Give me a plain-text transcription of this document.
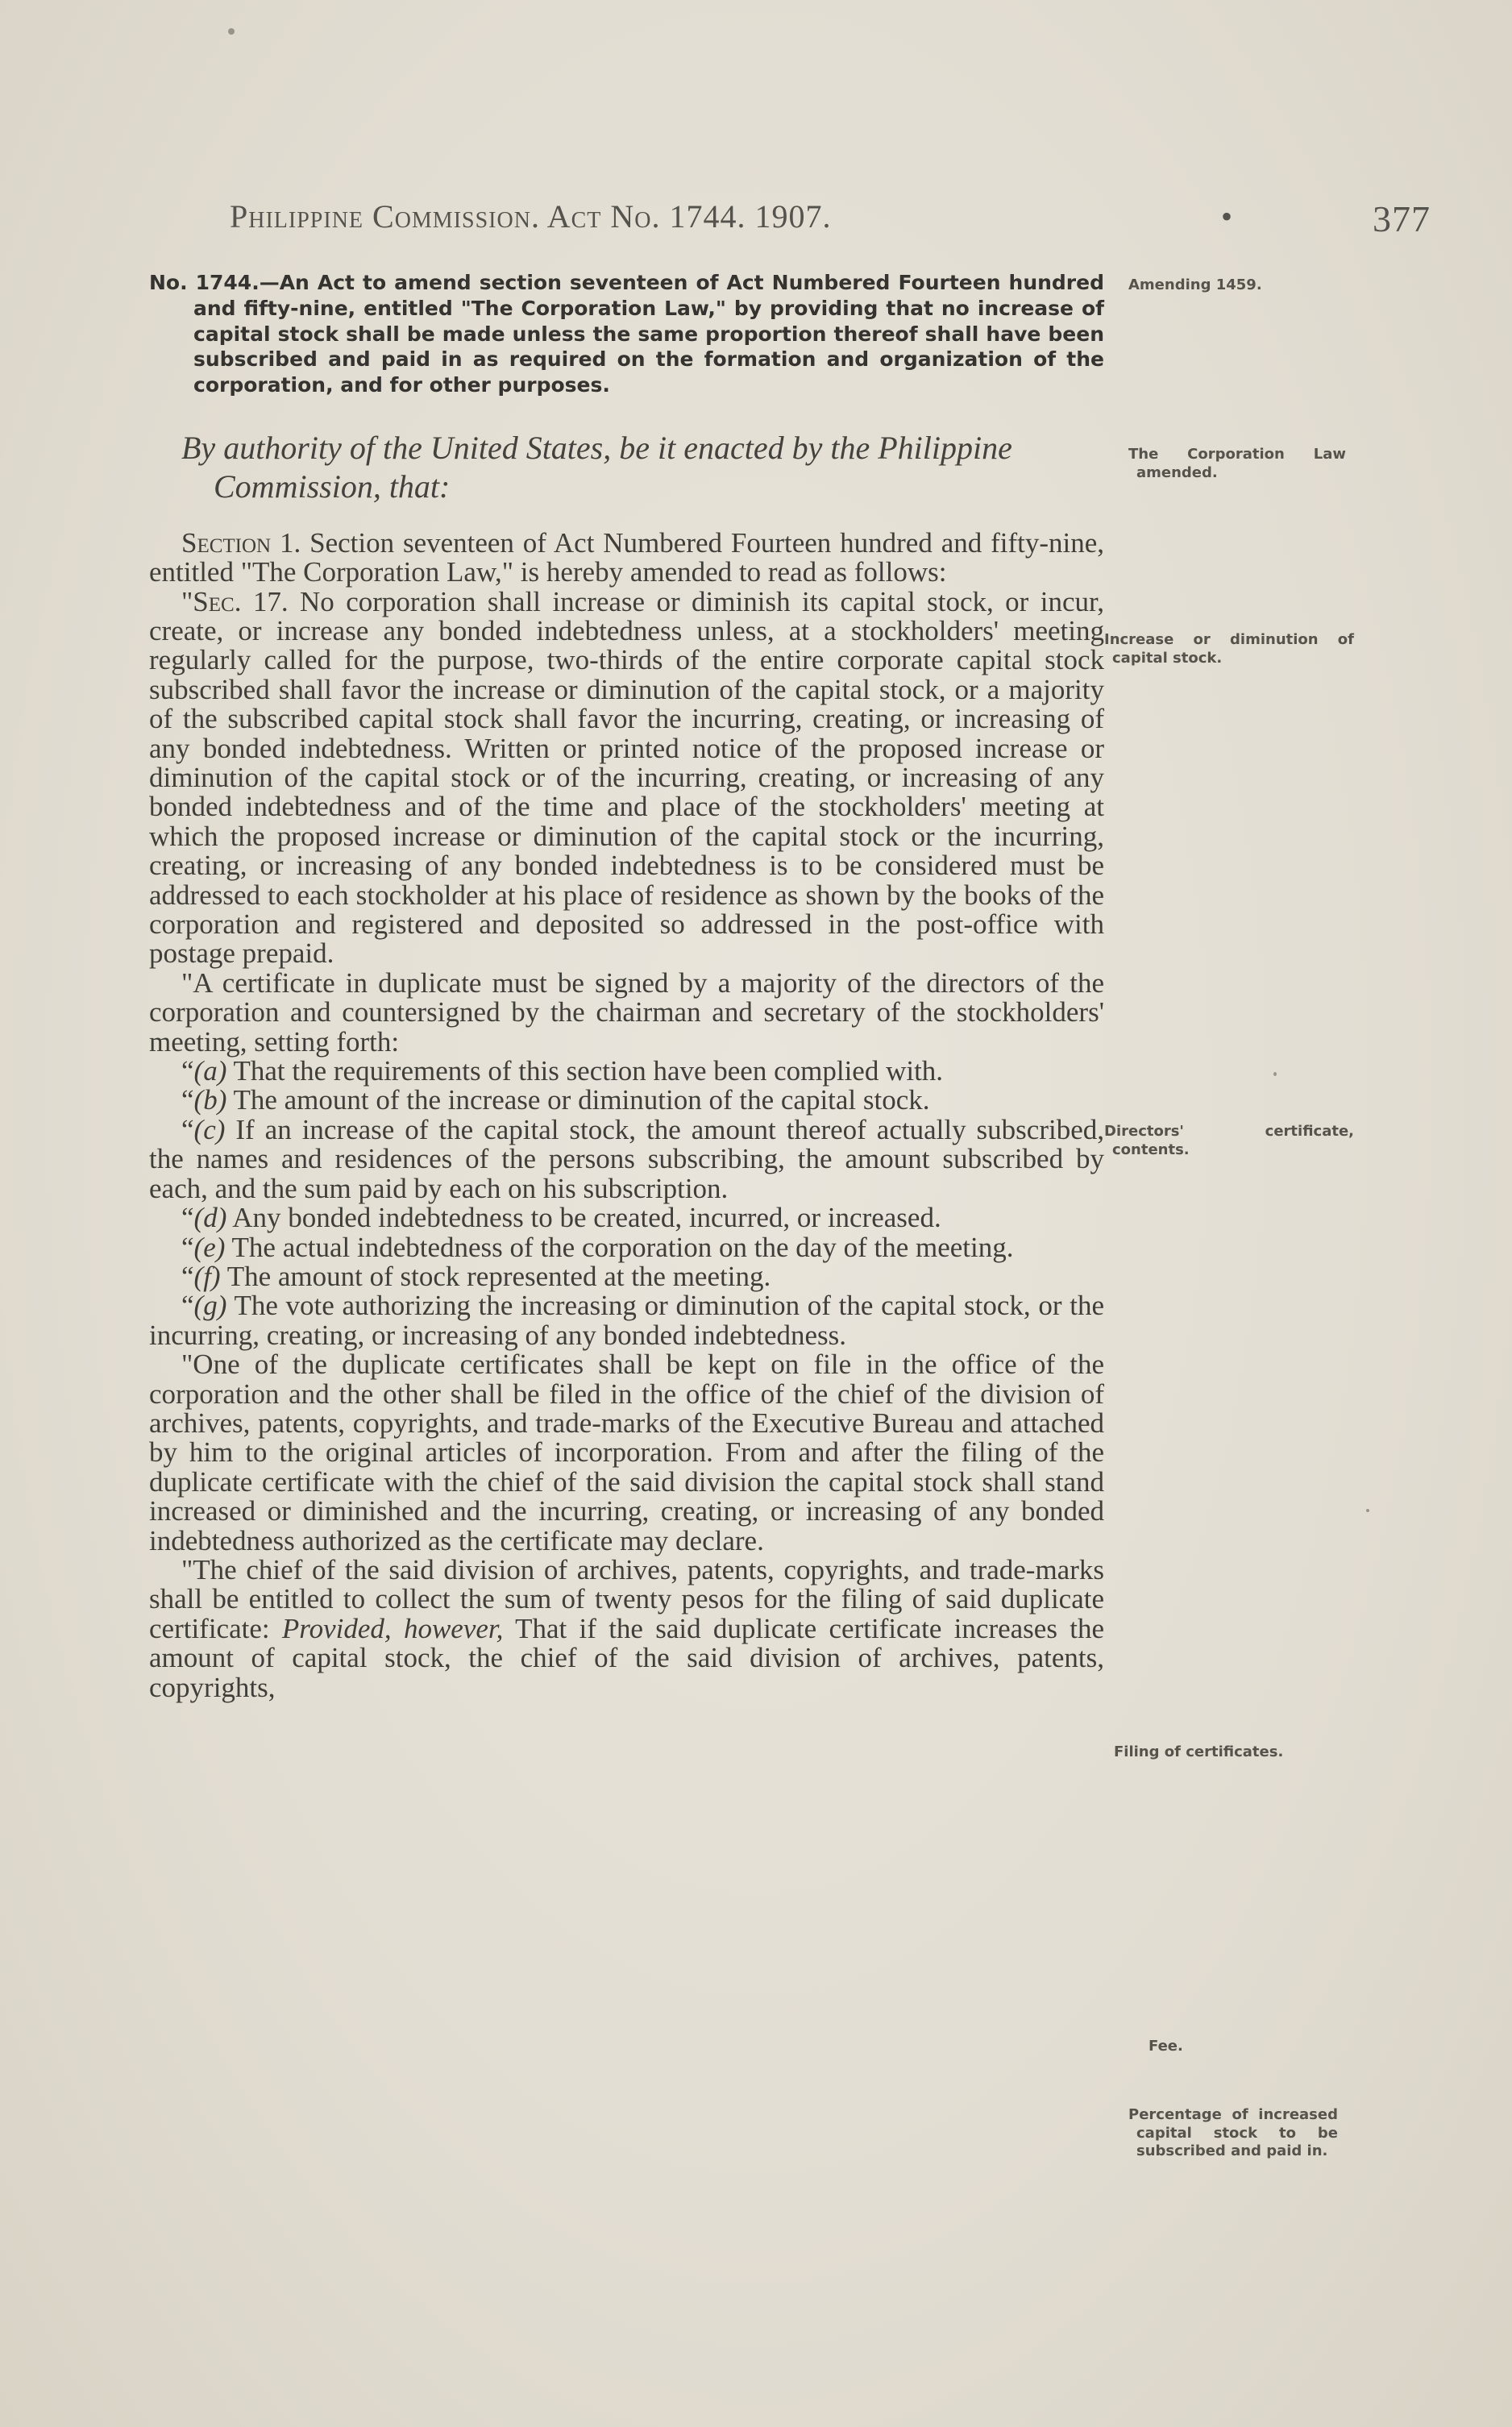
Philippine Commission. Act No. 1744. 1907.	•	377

No. 1744.—An Act to amend section seventeen of Act Numbered Fourteen hundred and fifty-nine, entitled "The Corporation Law," by providing that no increase of capital stock shall be made unless the same proportion thereof shall have been subscribed and paid in as required on the formation and organization of the corporation, and for other purposes.

By authority of the United States, be it enacted by the Philippine Commission, that:

Section 1. Section seventeen of Act Numbered Fourteen hundred and fifty-nine, entitled "The Corporation Law," is hereby amended to read as follows:

"Sec. 17. No corporation shall increase or diminish its capital stock, or incur, create, or increase any bonded indebtedness unless, at a stockholders' meeting regularly called for the purpose, two-thirds of the entire corporate capital stock subscribed shall favor the increase or diminution of the capital stock, or a majority of the subscribed capital stock shall favor the incurring, creating, or increasing of any bonded indebtedness. Written or printed notice of the proposed increase or diminution of the capital stock or of the incurring, creating, or increasing of any bonded indebtedness and of the time and place of the stockholders' meeting at which the proposed increase or diminution of the capital stock or the incurring, creating, or increasing of any bonded indebtedness is to be considered must be addressed to each stockholder at his place of residence as shown by the books of the corporation and registered and deposited so addressed in the post-office with postage prepaid.

"A certificate in duplicate must be signed by a majority of the directors of the corporation and countersigned by the chairman and secretary of the stockholders' meeting, setting forth:

“(a) That the requirements of this section have been complied with.

“(b) The amount of the increase or diminution of the capital stock.

“(c) If an increase of the capital stock, the amount thereof actually subscribed, the names and residences of the persons subscribing, the amount subscribed by each, and the sum paid by each on his subscription.

“(d) Any bonded indebtedness to be created, incurred, or increased.

“(e) The actual indebtedness of the corporation on the day of the meeting.

“(f) The amount of stock represented at the meeting.

“(g) The vote authorizing the increasing or diminution of the capital stock, or the incurring, creating, or increasing of any bonded indebtedness.

"One of the duplicate certificates shall be kept on file in the office of the corporation and the other shall be filed in the office of the chief of the division of archives, patents, copyrights, and trade-marks of the Executive Bureau and attached by him to the original articles of incorporation. From and after the filing of the duplicate certificate with the chief of the said division the capital stock shall stand increased or diminished and the incurring, creating, or increasing of any bonded indebtedness authorized as the certificate may declare.

"The chief of the said division of archives, patents, copyrights, and trade-marks shall be entitled to collect the sum of twenty pesos for the filing of said duplicate certificate: Provided, however, That if the said duplicate certificate increases the amount of capital stock, the chief of the said division of archives, patents, copyrights,

Amending 1459.
The Corporation Law amended.
Increase or diminution of capital stock.
Directors' certificate, contents.
Filing of certificates.
Fee.
Percentage of increased capital stock to be subscribed and paid in.
